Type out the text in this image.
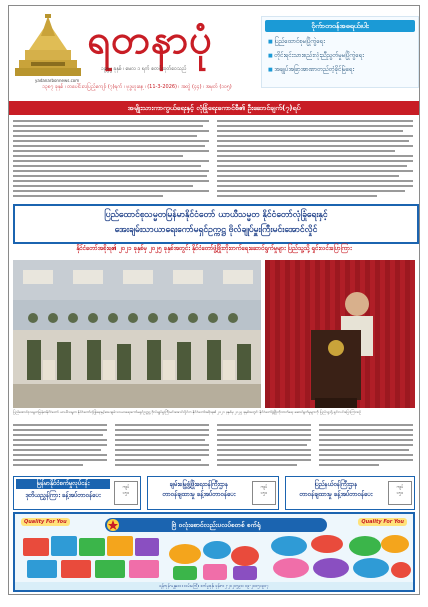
ရတနာပုံ
၁၉၅၂ ခုနှစ် ၊ မေလ ၁ ရက် စတင်ထုတ်ဝေသည်
yadanarbonnews.com
၁၃၈၇ ခုနှစ် ၊ တပေါင်းလပြည့်ကျော် (၇)ရက် ၊ ဗုဒ္ဓဟူးနေ့ ၊ (11-3-2026) ၊ အတွဲ (၄၄) ၊ အမှတ် (၁၀၅)
ဝိုက်ာတဝန်အဓရယ်၊ပါး
■ ပြည်ထောင်စုမပြိုကွဲရေး
■ တိုင်းရင်းသားစည်းလုံးညီညွတ်မှုမပြိုကွဲရေး
■ အချုပ်အခြာအာဏာတည်တံ့ခိုင်မြဲရေး
အမျိုးသားကာကွယ်ရေးနှင့် လုံခြုံရေးကောင်စီ၏ ဦးဆောင်ချက်(၇)ရပ်
ပြည်ထောင်စုသမ္မတမြန်မာနိုင်ငံတော် ယာယီသမ္မတ နိုင်ငံတော်လုံခြုံရေးနှင့်
အေးချမ်းသာယာရေးကော်မရှင်ဥက္ကဋ္ဌ ဗိုလ်ချုပ်မှူးကြီးမင်းအောင်လှိုင်
နိုင်ငံတော်အစိုးရ၏ ၂၀၂၁ ခုနှစ်မှ ၂၀၂၅ ခုနှစ်အတွင်း နိုင်ငံတော်ဖွံ့ဖြိုးတိုးတက်ရေးဆောင်ရွက်မှုများ ပြည်သူ့သို့ ရှင်းလင်းပြောကြား
ပြည်ထောင်စုသမ္မတမြန်မာနိုင်ငံတော် ယာယီသမ္မတ နိုင်ငံတော်လုံခြုံရေးနှင့်အေးချမ်းသာယာရေးကော်မရှင်ဥက္ကဋ္ဌ ဗိုလ်ချုပ်မှူးကြီးမင်းအောင်လှိုင်က နိုင်ငံတော်အစိုးရ၏ ၂၀၂၁ ခုနှစ်မှ ၂၀၂၅ ခုနှစ်အတွင်း နိုင်ငံတော်ဖွံ့ဖြိုးတိုးတက်ရေး ဆောင်ရွက်မှုများကို ပြည်သူ့သို့ ရှင်းလင်းပြောကြားစဉ်
မြန်မာနိုင်ငံစက်မှုလုပ်ငန်း
ဒုတိယညွှန်ကြား ခန့်အပ်တာဝန်ပေး
ကျပ်
၁၅၀
ချမ်းမြေ့ဖွံ့ဖြိုးရေးဝန်ကြီးဌာန
တာဝန်ချထားမှု ခန့်အပ်တာဝန်ပေး
ကျပ်
၁၅၀
ပြည်နယ်ဝန်ကြီးဌာန
တာဝန်ချထားမှု ခန့်အပ်တာဝန်ပေး
ကျပ်
၁၅၀
Quality For You	Quality For You
ဗြဲ ဝလုံးစောင်လည်းပလပ်စတစ် စက်ရုံ
ရန်ကုန်-မန္တလေး လမ်းမကြီး၊ စက်မှုဇုန်၊ ဖုန်း-၀၂-၂၀၂၀၅၉၀၊ ၀၉-၂၀၀၅၁၉၀၇
